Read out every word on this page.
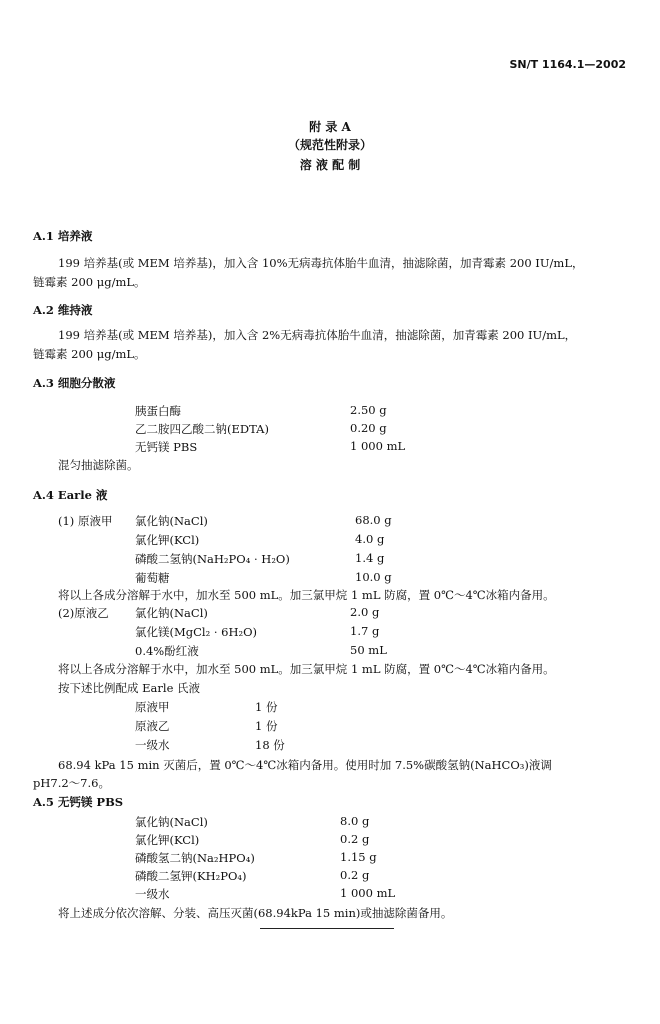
SN/T 1164.1—2002
附 录 A
（规范性附录）
溶 液 配 制
A.1 培养液
199 培养基(或 MEM 培养基)，加入含 10%无病毒抗体胎牛血清，抽滤除菌，加青霉素 200 IU/mL，
链霉素 200 μg/mL。
A.2 维持液
199 培养基(或 MEM 培养基)，加入含 2%无病毒抗体胎牛血清，抽滤除菌，加青霉素 200 IU/mL，
链霉素 200 μg/mL。
A.3 细胞分散液
胰蛋白酶	2.50 g
乙二胺四乙酸二钠(EDTA)	0.20 g
无钙镁 PBS	1 000 mL
混匀抽滤除菌。
A.4 Earle 液
(1) 原液甲 氯化钠(NaCl)	68.0 g
氯化钾(KCl)	4.0 g
磷酸二氢钠(NaH₂PO₄ · H₂O)	1.4 g
葡萄糖	10.0 g
将以上各成分溶解于水中，加水至 500 mL。加三氯甲烷 1 mL 防腐，置 0℃～4℃冰箱内备用。
(2)原液乙 氯化钠(NaCl)	2.0 g
氯化镁(MgCl₂ · 6H₂O)	1.7 g
0.4%酚红液	50 mL
将以上各成分溶解于水中，加水至 500 mL。加三氯甲烷 1 mL 防腐，置 0℃～4℃冰箱内备用。
按下述比例配成 Earle 氏液
原液甲	1 份
原液乙	1 份
一级水	18 份
68.94 kPa 15 min 灭菌后，置 0℃～4℃冰箱内备用。使用时加 7.5%碳酸氢钠(NaHCO₃)液调
pH7.2～7.6。
A.5 无钙镁 PBS
氯化钠(NaCl)	8.0 g
氯化钾(KCl)	0.2 g
磷酸氢二钠(Na₂HPO₄)	1.15 g
磷酸二氢钾(KH₂PO₄)	0.2 g
一级水	1 000 mL
将上述成分依次溶解、分装、高压灭菌(68.94kPa 15 min)或抽滤除菌备用。
